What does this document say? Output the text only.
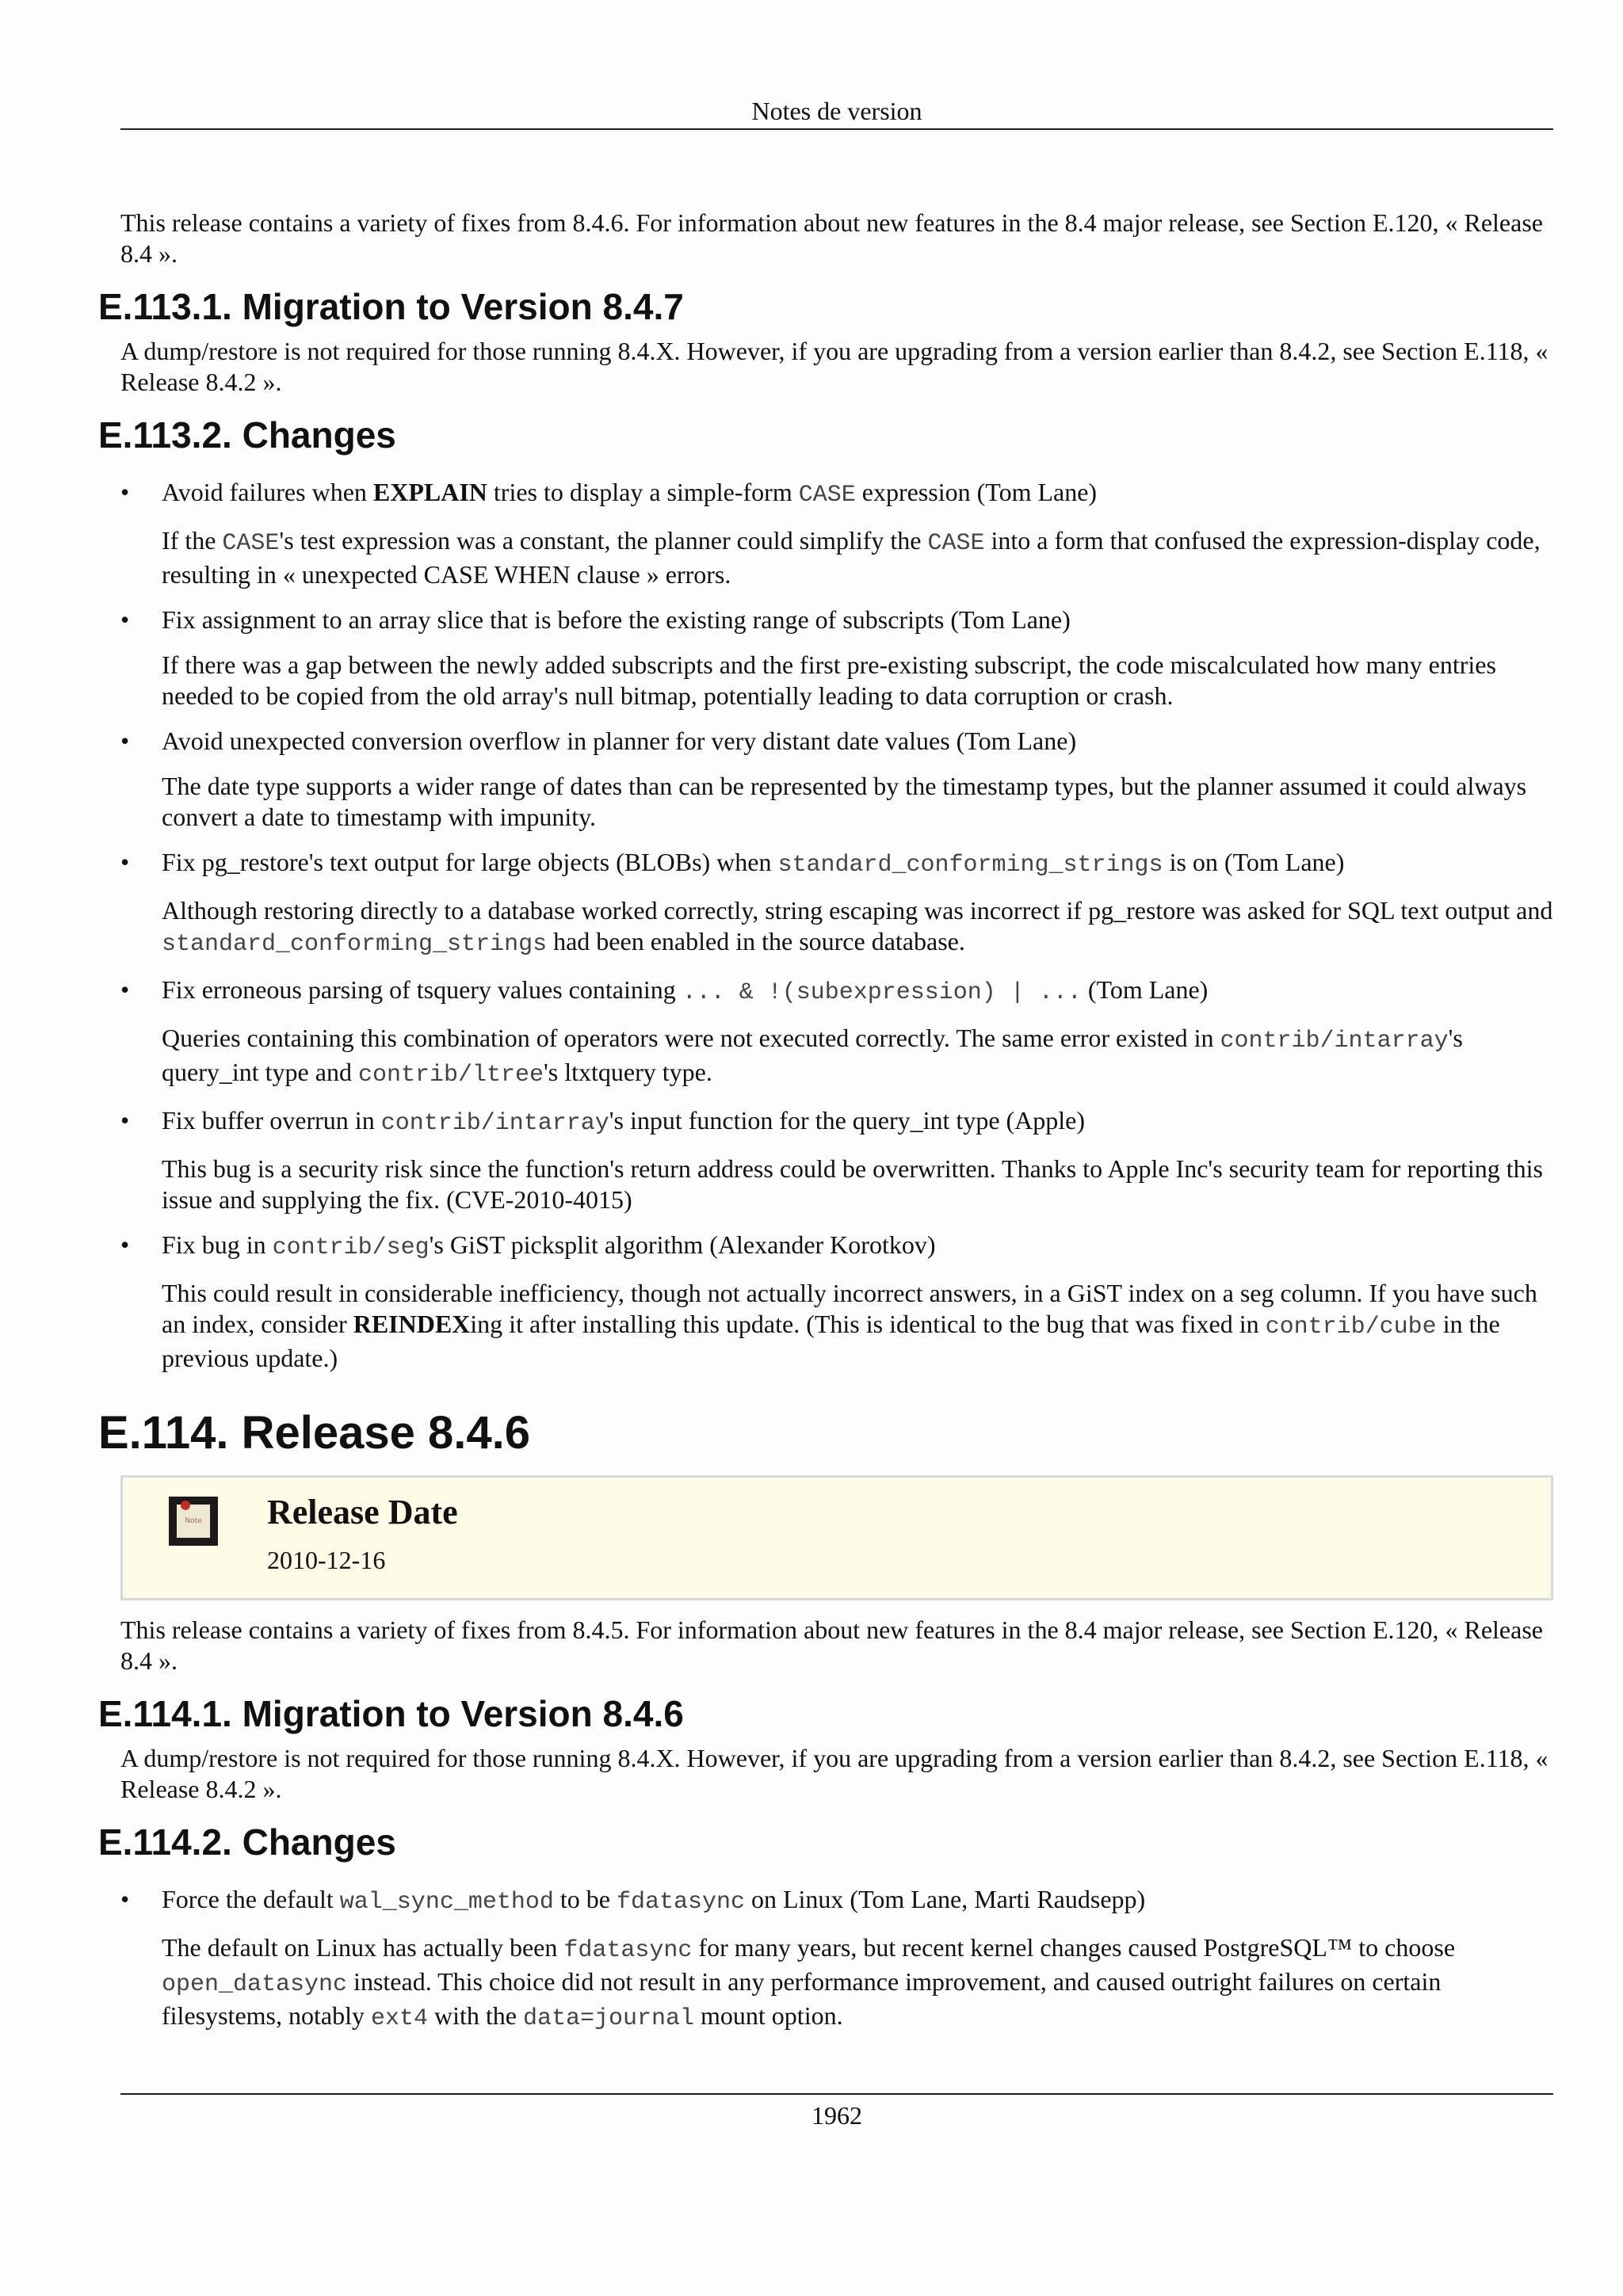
Notes de version

This release contains a variety of fixes from 8.4.6. For information about new features in the 8.4 major release, see Section E.120, « Release 8.4 ».

E.113.1. Migration to Version 8.4.7

A dump/restore is not required for those running 8.4.X. However, if you are upgrading from a version earlier than 8.4.2, see Section E.118, « Release 8.4.2 ».

E.113.2. Changes
• Avoid failures when EXPLAIN tries to display a simple-form CASE expression (Tom Lane)

If the CASE's test expression was a constant, the planner could simplify the CASE into a form that confused the expression-display code, resulting in « unexpected CASE WHEN clause » errors.

• Fix assignment to an array slice that is before the existing range of subscripts (Tom Lane)

If there was a gap between the newly added subscripts and the first pre-existing subscript, the code miscalculated how many entries needed to be copied from the old array's null bitmap, potentially leading to data corruption or crash.

• Avoid unexpected conversion overflow in planner for very distant date values (Tom Lane)

The date type supports a wider range of dates than can be represented by the timestamp types, but the planner assumed it could always convert a date to timestamp with impunity.

• Fix pg_restore's text output for large objects (BLOBs) when standard_conforming_strings is on (Tom Lane)

Although restoring directly to a database worked correctly, string escaping was incorrect if pg_restore was asked for SQL text output and standard_conforming_strings had been enabled in the source database.

• Fix erroneous parsing of tsquery values containing ... & !(subexpression) | ... (Tom Lane)

Queries containing this combination of operators were not executed correctly. The same error existed in contrib/intarray's query_int type and contrib/ltree's ltxtquery type.

• Fix buffer overrun in contrib/intarray's input function for the query_int type (Apple)

This bug is a security risk since the function's return address could be overwritten. Thanks to Apple Inc's security team for reporting this issue and supplying the fix. (CVE-2010-4015)

• Fix bug in contrib/seg's GiST picksplit algorithm (Alexander Korotkov)

This could result in considerable inefficiency, though not actually incorrect answers, in a GiST index on a seg column. If you have such an index, consider REINDEXing it after installing this update. (This is identical to the bug that was fixed in contrib/cube in the previous update.)

E.114. Release 8.4.6
Note Release Date
2010-12-16

This release contains a variety of fixes from 8.4.5. For information about new features in the 8.4 major release, see Section E.120, « Release 8.4 ».

E.114.1. Migration to Version 8.4.6

A dump/restore is not required for those running 8.4.X. However, if you are upgrading from a version earlier than 8.4.2, see Section E.118, « Release 8.4.2 ».

E.114.2. Changes
• Force the default wal_sync_method to be fdatasync on Linux (Tom Lane, Marti Raudsepp)

The default on Linux has actually been fdatasync for many years, but recent kernel changes caused PostgreSQL™ to choose open_datasync instead. This choice did not result in any performance improvement, and caused outright failures on certain filesystems, notably ext4 with the data=journal mount option.

1962
